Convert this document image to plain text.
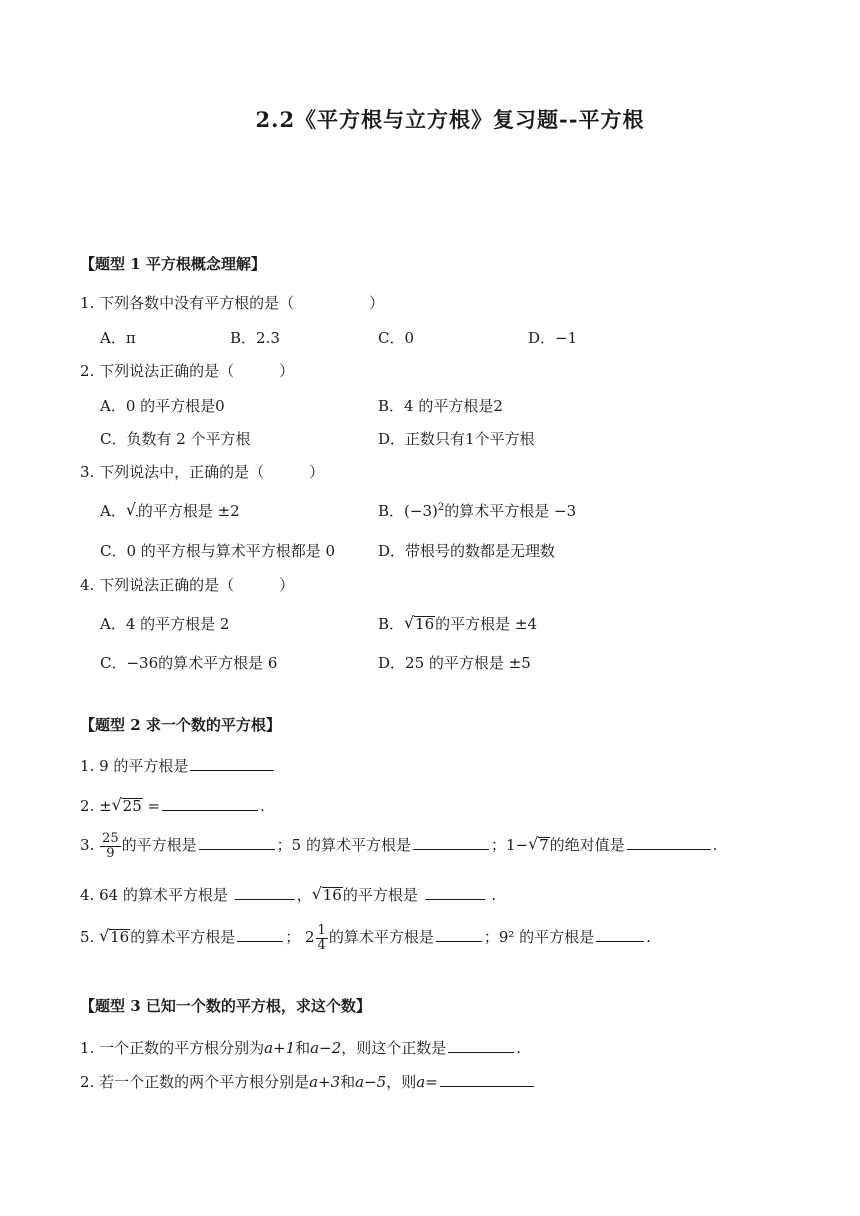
2.2《平方根与立方根》复习题--平方根
【题型 1 平方根概念理解】
1. 下列各数中没有平方根的是（　　　　　）
A．π	B．2.3	C．0	D．−1
2. 下列说法正确的是（　　　）
A．0 的平方根是0	B．4 的平方根是2
C．负数有 2 个平方根	D．正数只有1个平方根
3. 下列说法中，正确的是（　　　）
A． √ 的平方根是 ±2	B．$(-3)^2$的算术平方根是 −3
C．0 的平方根与算术平方根都是 0	D．带根号的数都是无理数
4. 下列说法正确的是（　　　）
A．4 的平方根是 2	B． √ 16的平方根是 ±4
C．−36的算术平方根是 6	D．25 的平方根是 ±5
【题型 2 求一个数的平方根】
1. 9 的平方根是
2. ± √ 25 =	.
3. $\frac{25}{9}$ 的平方根是	；5 的算术平方根是	；1− √ 7的绝对值是	.
4. 64 的算术平方根是	， √ 16的平方根是	.
5. √ 16的算术平方根是	； $2 \frac{1}{4}$ 的算术平方根是	；9² 的平方根是	.
【题型 3 已知一个数的平方根，求这个数】
1. 一个正数的平方根分别为a+1和a−2，则这个正数是	.
2. 若一个正数的两个平方根分别是a+3和a−5，则a=
